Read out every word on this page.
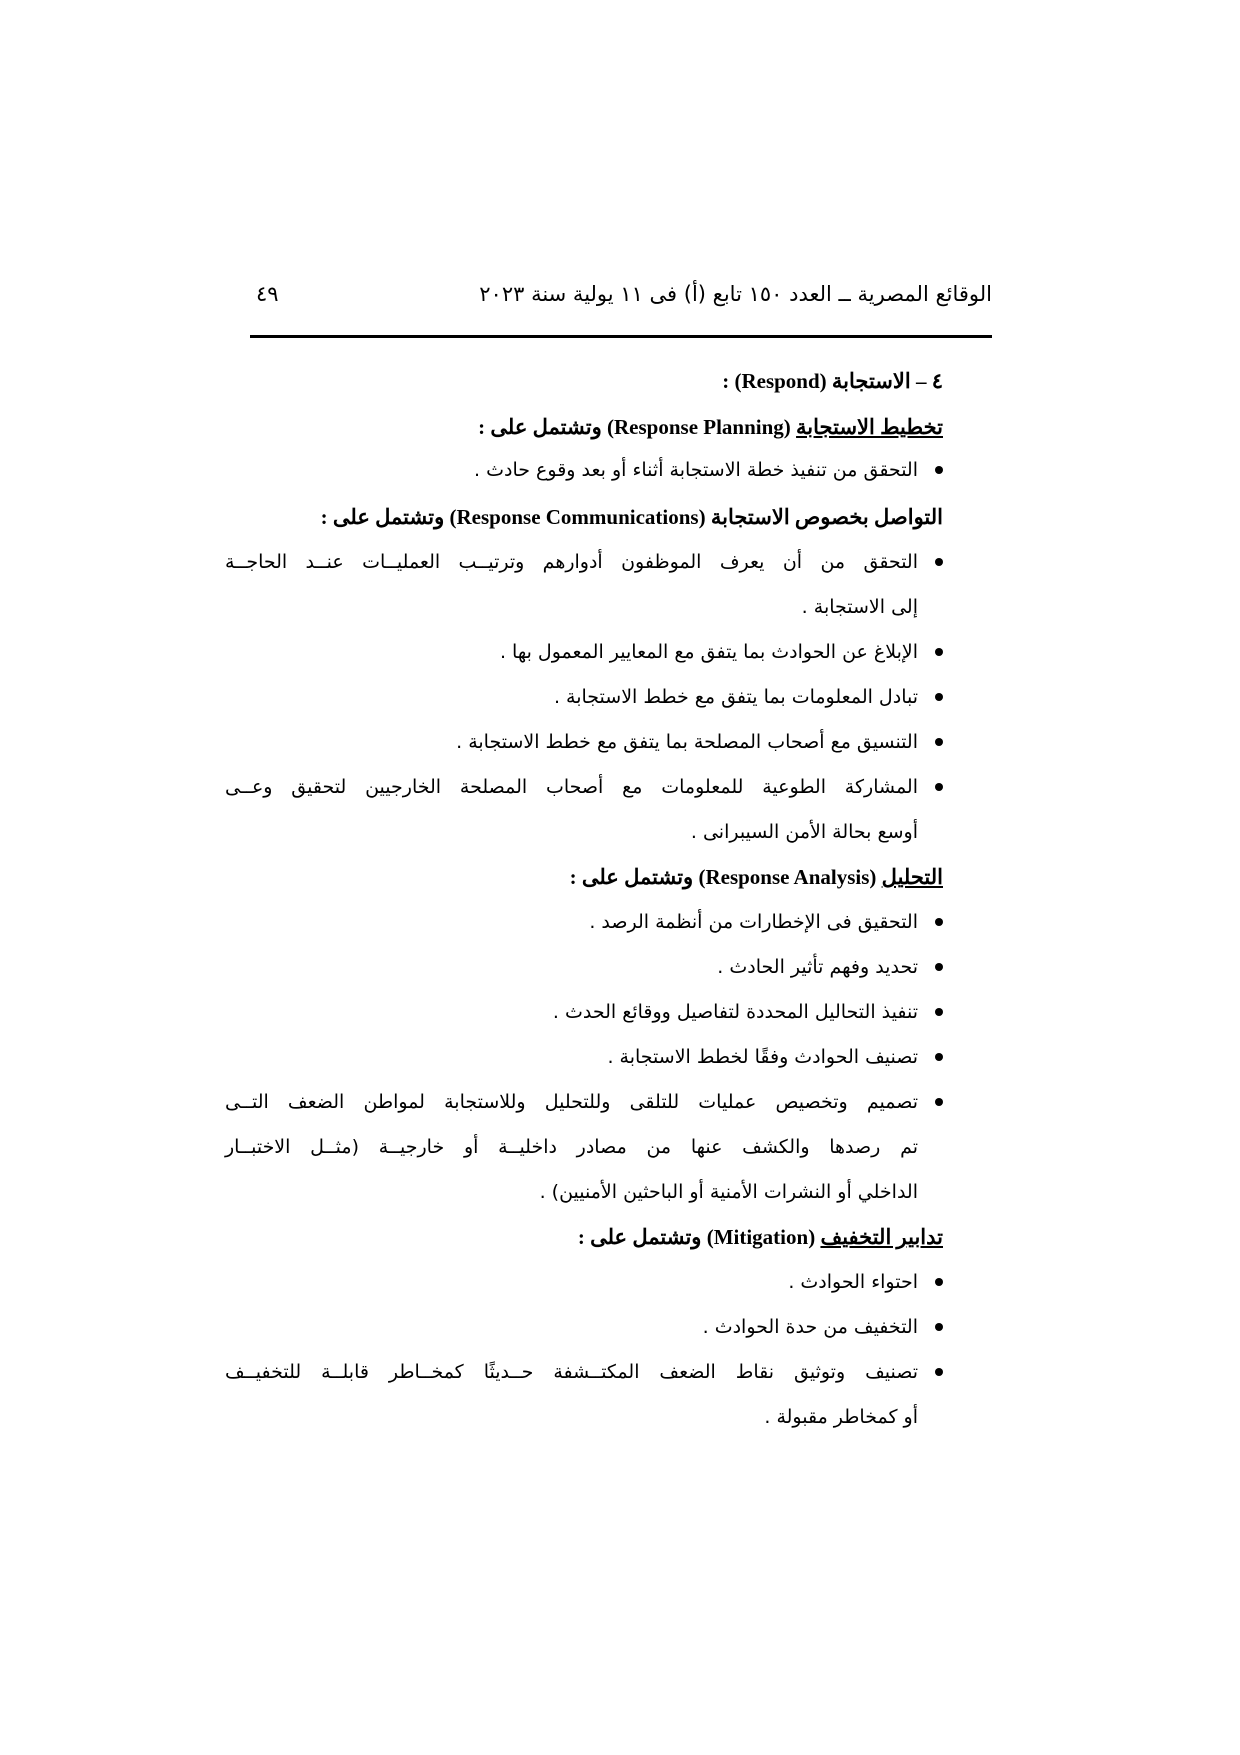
الوقائع المصرية ــ العدد ١٥٠ تابع (أ) فى ١١ يولية سنة ٢٠٢٣
٤٩
٤ – الاستجابة (Respond) :
تخطيط الاستجابة (Response Planning) وتشتمل على :
التحقق من تنفيذ خطة الاستجابة أثناء أو بعد وقوع حادث .
التواصل بخصوص الاستجابة (Response Communications) وتشتمل على :
التحقق من أن يعرف الموظفون أدوارهم وترتيــب العمليــات عنــد الحاجــة
إلى الاستجابة .
الإبلاغ عن الحوادث بما يتفق مع المعايير المعمول بها .
تبادل المعلومات بما يتفق مع خطط الاستجابة .
التنسيق مع أصحاب المصلحة بما يتفق مع خطط الاستجابة .
المشاركة الطوعية للمعلومات مع أصحاب المصلحة الخارجيين لتحقيق وعــى
أوسع بحالة الأمن السيبرانى .
التحليل (Response Analysis) وتشتمل على :
التحقيق فى الإخطارات من أنظمة الرصد .
تحديد وفهم تأثير الحادث .
تنفيذ التحاليل المحددة لتفاصيل ووقائع الحدث .
تصنيف الحوادث وفقًا لخطط الاستجابة .
تصميم وتخصيص عمليات للتلقى وللتحليل وللاستجابة لمواطن الضعف التــى
تم رصدها والكشف عنها من مصادر داخليــة أو خارجيــة (مثــل الاختبــار
الداخلي أو النشرات الأمنية أو الباحثين الأمنيين) .
تدابير التخفيف (Mitigation) وتشتمل على :
احتواء الحوادث .
التخفيف من حدة الحوادث .
تصنيف وتوثيق نقاط الضعف المكتــشفة حــديثًا كمخــاطر قابلــة للتخفيــف
أو كمخاطر مقبولة .
